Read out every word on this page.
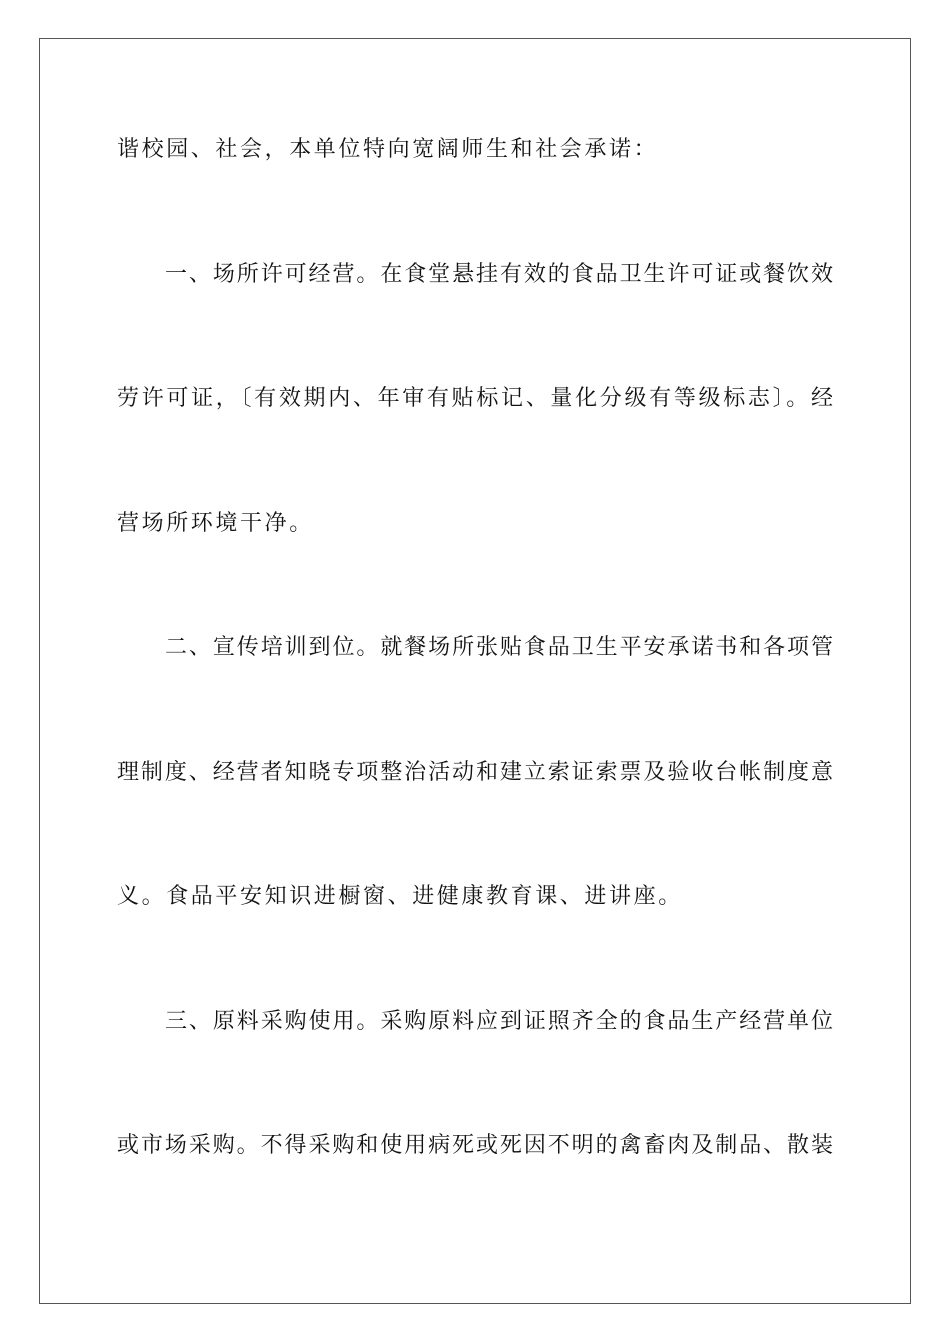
谐校园、社会，本单位特向宽阔师生和社会承诺：
一、场所许可经营。在食堂悬挂有效的食品卫生许可证或餐饮效
劳许可证，〔有效期内、年审有贴标记、量化分级有等级标志〕。经
营场所环境干净。
二、宣传培训到位。就餐场所张贴食品卫生平安承诺书和各项管
理制度、经营者知晓专项整治活动和建立索证索票及验收台帐制度意
义。食品平安知识进橱窗、进健康教育课、进讲座。
三、原料采购使用。采购原料应到证照齐全的食品生产经营单位
或市场采购。不得采购和使用病死或死因不明的禽畜肉及制品、散装
